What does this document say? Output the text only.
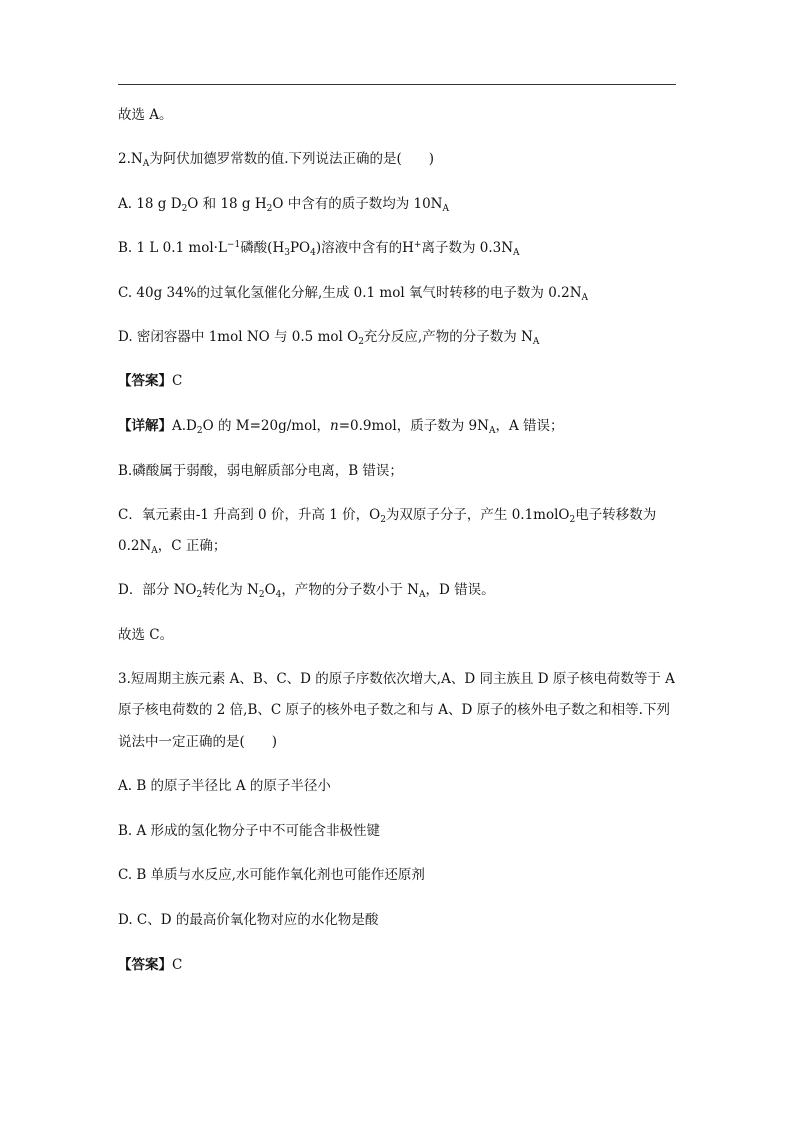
故选 A。
$2.N_A$为阿伏加德罗常数的值.下列说法正确的是(　　)
A. 18 g $D_2O$ 和 18 g $H_2O$ 中含有的质子数均为 $10N_A$
B. 1 L 0.1 $mol\cdot L^{-1}$磷酸$(H_3PO_4)$溶液中含有的H+离子数为 $0.3N_A$
C. 40g 34%的过氧化氢催化分解,生成 0.1 mol 氧气时转移的电子数为 $0.2N_A$
D. 密闭容器中 1mol NO 与 0.5 mol $O_2$充分反应,产物的分子数为 $N_A$
【答案】C
【详解】$A.D_2O$ 的 M=20g/mol，n=0.9mol，质子数为 $9N_A$，A 错误；
B.磷酸属于弱酸，弱电解质部分电离，B 错误；
C．氧元素由-1 升高到 0 价，升高 1 价，$O_2$为双原子分子，产生 0.1molO$_2$电子转移数为
$0.2N_A$，C 正确；
D．部分 $NO_2$转化为 $N_2O_4$，产物的分子数小于 $N_A$，D 错误。
故选 C。
3.短周期主族元素 A、B、C、D 的原子序数依次增大,A、D 同主族且 D 原子核电荷数等于 A
原子核电荷数的 2 倍,B、C 原子的核外电子数之和与 A、D 原子的核外电子数之和相等.下列
说法中一定正确的是(　　)
A. B 的原子半径比 A 的原子半径小
B. A 形成的氢化物分子中不可能含非极性键
C. B 单质与水反应,水可能作氧化剂也可能作还原剂
D. C、D 的最高价氧化物对应的水化物是酸
【答案】C
